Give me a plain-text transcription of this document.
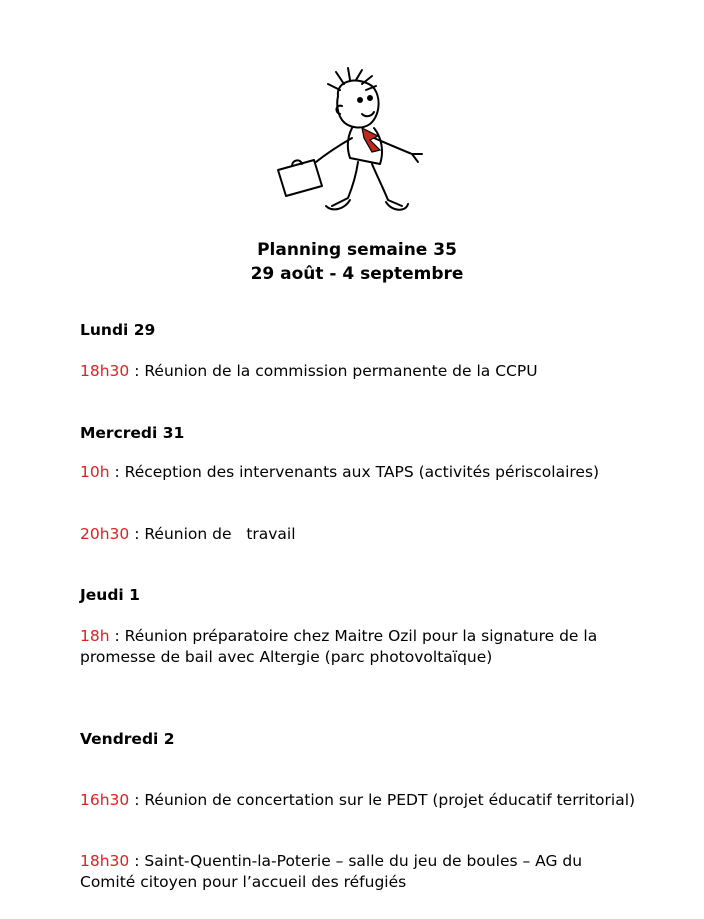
Planning semaine 35
29 août - 4 septembre
Lundi 29
18h30 : Réunion de la commission permanente de la CCPU
Mercredi 31
10h : Réception des intervenants aux TAPS (activités périscolaires)
20h30 : Réunion de   travail
Jeudi 1
18h : Réunion préparatoire chez Maitre Ozil pour la signature de la promesse de bail avec Altergie (parc photovoltaïque)
Vendredi 2
16h30 : Réunion de concertation sur le PEDT (projet éducatif territorial)
18h30 : Saint-Quentin-la-Poterie – salle du jeu de boules – AG du Comité citoyen pour l’accueil des réfugiés
